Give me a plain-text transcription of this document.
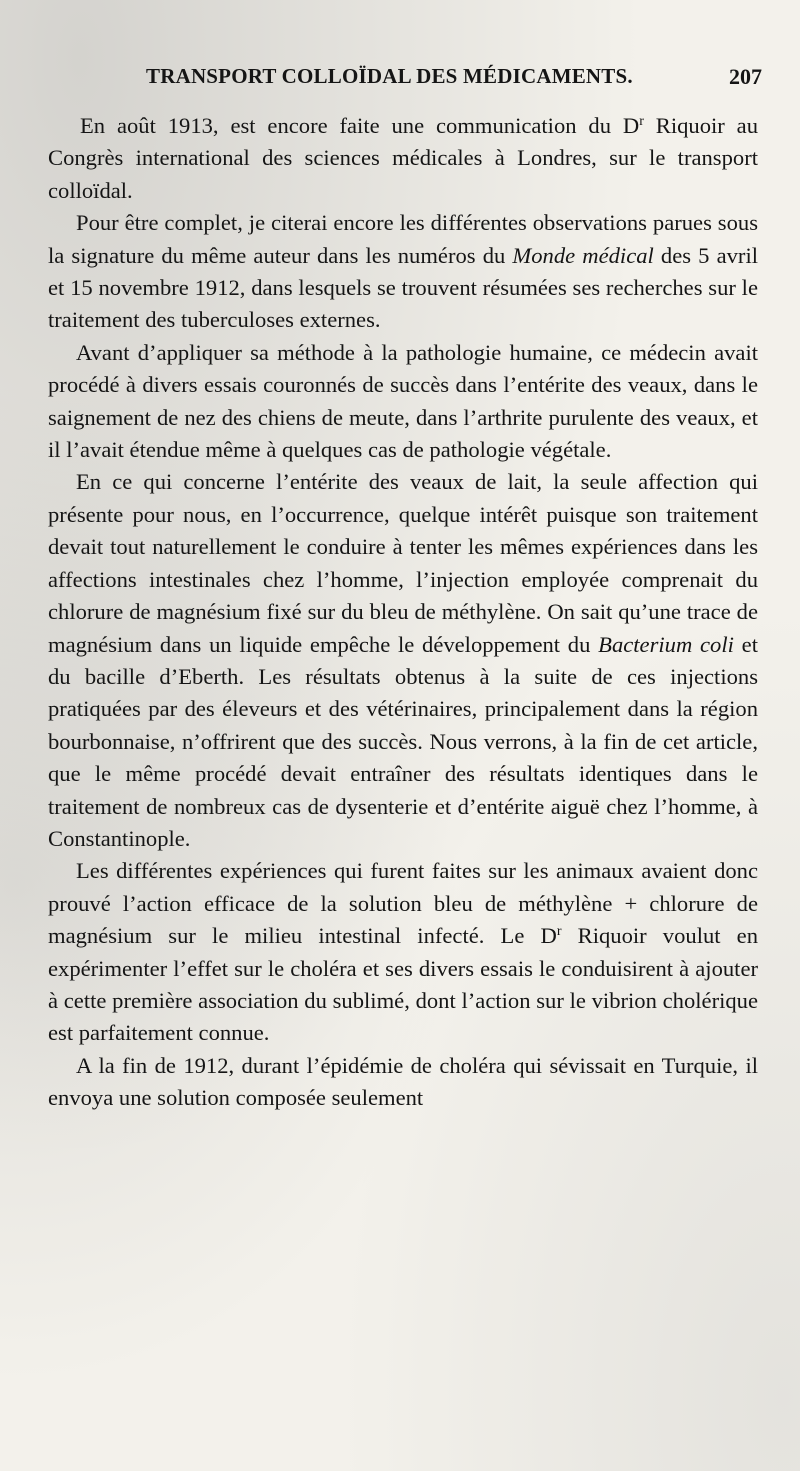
TRANSPORT COLLOÏDAL DES MÉDICAMENTS.	207

En août 1913, est encore faite une communication du $D^r$ Riquoir au Congrès international des sciences médicales à Londres, sur le transport colloïdal.

Pour être complet, je citerai encore les différentes observations parues sous la signature du même auteur dans les numéros du Monde médical des 5 avril et 15 novembre 1912, dans lesquels se trouvent résumées ses recherches sur le traitement des tuberculoses externes.

Avant d’appliquer sa méthode à la pathologie humaine, ce médecin avait procédé à divers essais couronnés de succès dans l’entérite des veaux, dans le saignement de nez des chiens de meute, dans l’arthrite purulente des veaux, et il l’avait étendue même à quelques cas de pathologie végétale.

En ce qui concerne l’entérite des veaux de lait, la seule affection qui présente pour nous, en l’occurrence, quelque intérêt puisque son traitement devait tout naturellement le conduire à tenter les mêmes expériences dans les affections intestinales chez l’homme, l’injection employée comprenait du chlorure de magnésium fixé sur du bleu de méthylène. On sait qu’une trace de magnésium dans un liquide empêche le développement du Bacterium coli et du bacille d’Eberth. Les résultats obtenus à la suite de ces injections pratiquées par des éleveurs et des vétérinaires, principalement dans la région bourbonnaise, n’offrirent que des succès. Nous verrons, à la fin de cet article, que le même procédé devait entraîner des résultats identiques dans le traitement de nombreux cas de dysenterie et d’entérite aiguë chez l’homme, à Constantinople.

Les différentes expériences qui furent faites sur les animaux avaient donc prouvé l’action efficace de la solution bleu de méthylène + chlorure de magnésium sur le milieu intestinal infecté. Le $D^r$ Riquoir voulut en expérimenter l’effet sur le choléra et ses divers essais le conduisirent à ajouter à cette première association du sublimé, dont l’action sur le vibrion cholérique est parfaitement connue.

A la fin de 1912, durant l’épidémie de choléra qui sévissait en Turquie, il envoya une solution composée seulement
